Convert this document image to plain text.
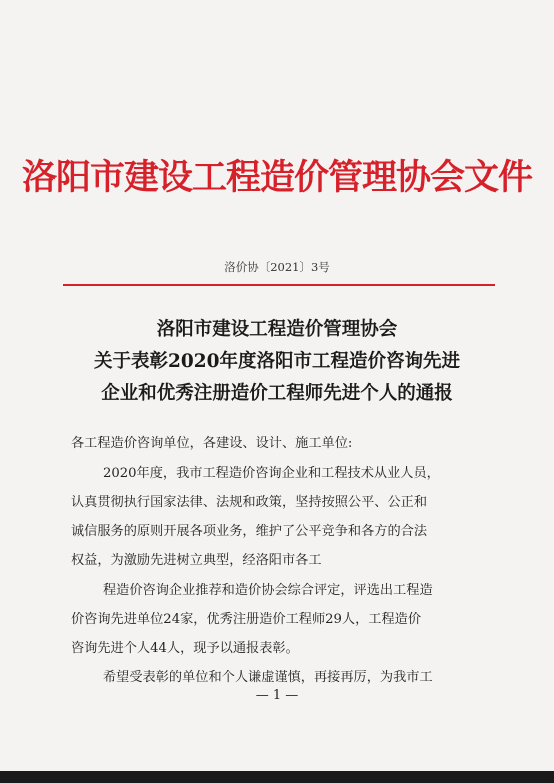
洛阳市建设工程造价管理协会文件
洛价协〔2021〕3号
洛阳市建设工程造价管理协会
关于表彰2020年度洛阳市工程造价咨询先进
企业和优秀注册造价工程师先进个人的通报
各工程造价咨询单位，各建设、设计、施工单位:
2020年度，我市工程造价咨询企业和工程技术从业人员，
认真贯彻执行国家法律、法规和政策，坚持按照公平、公正和
诚信服务的原则开展各项业务，维护了公平竞争和各方的合法
权益，为激励先进树立典型，经洛阳市各工
程造价咨询企业推荐和造价协会综合评定，评选出工程造
价咨询先进单位24家，优秀注册造价工程师29人，工程造价
咨询先进个人44人，现予以通报表彰。
希望受表彰的单位和个人谦虚谨慎，再接再厉，为我市工
— 1 —
